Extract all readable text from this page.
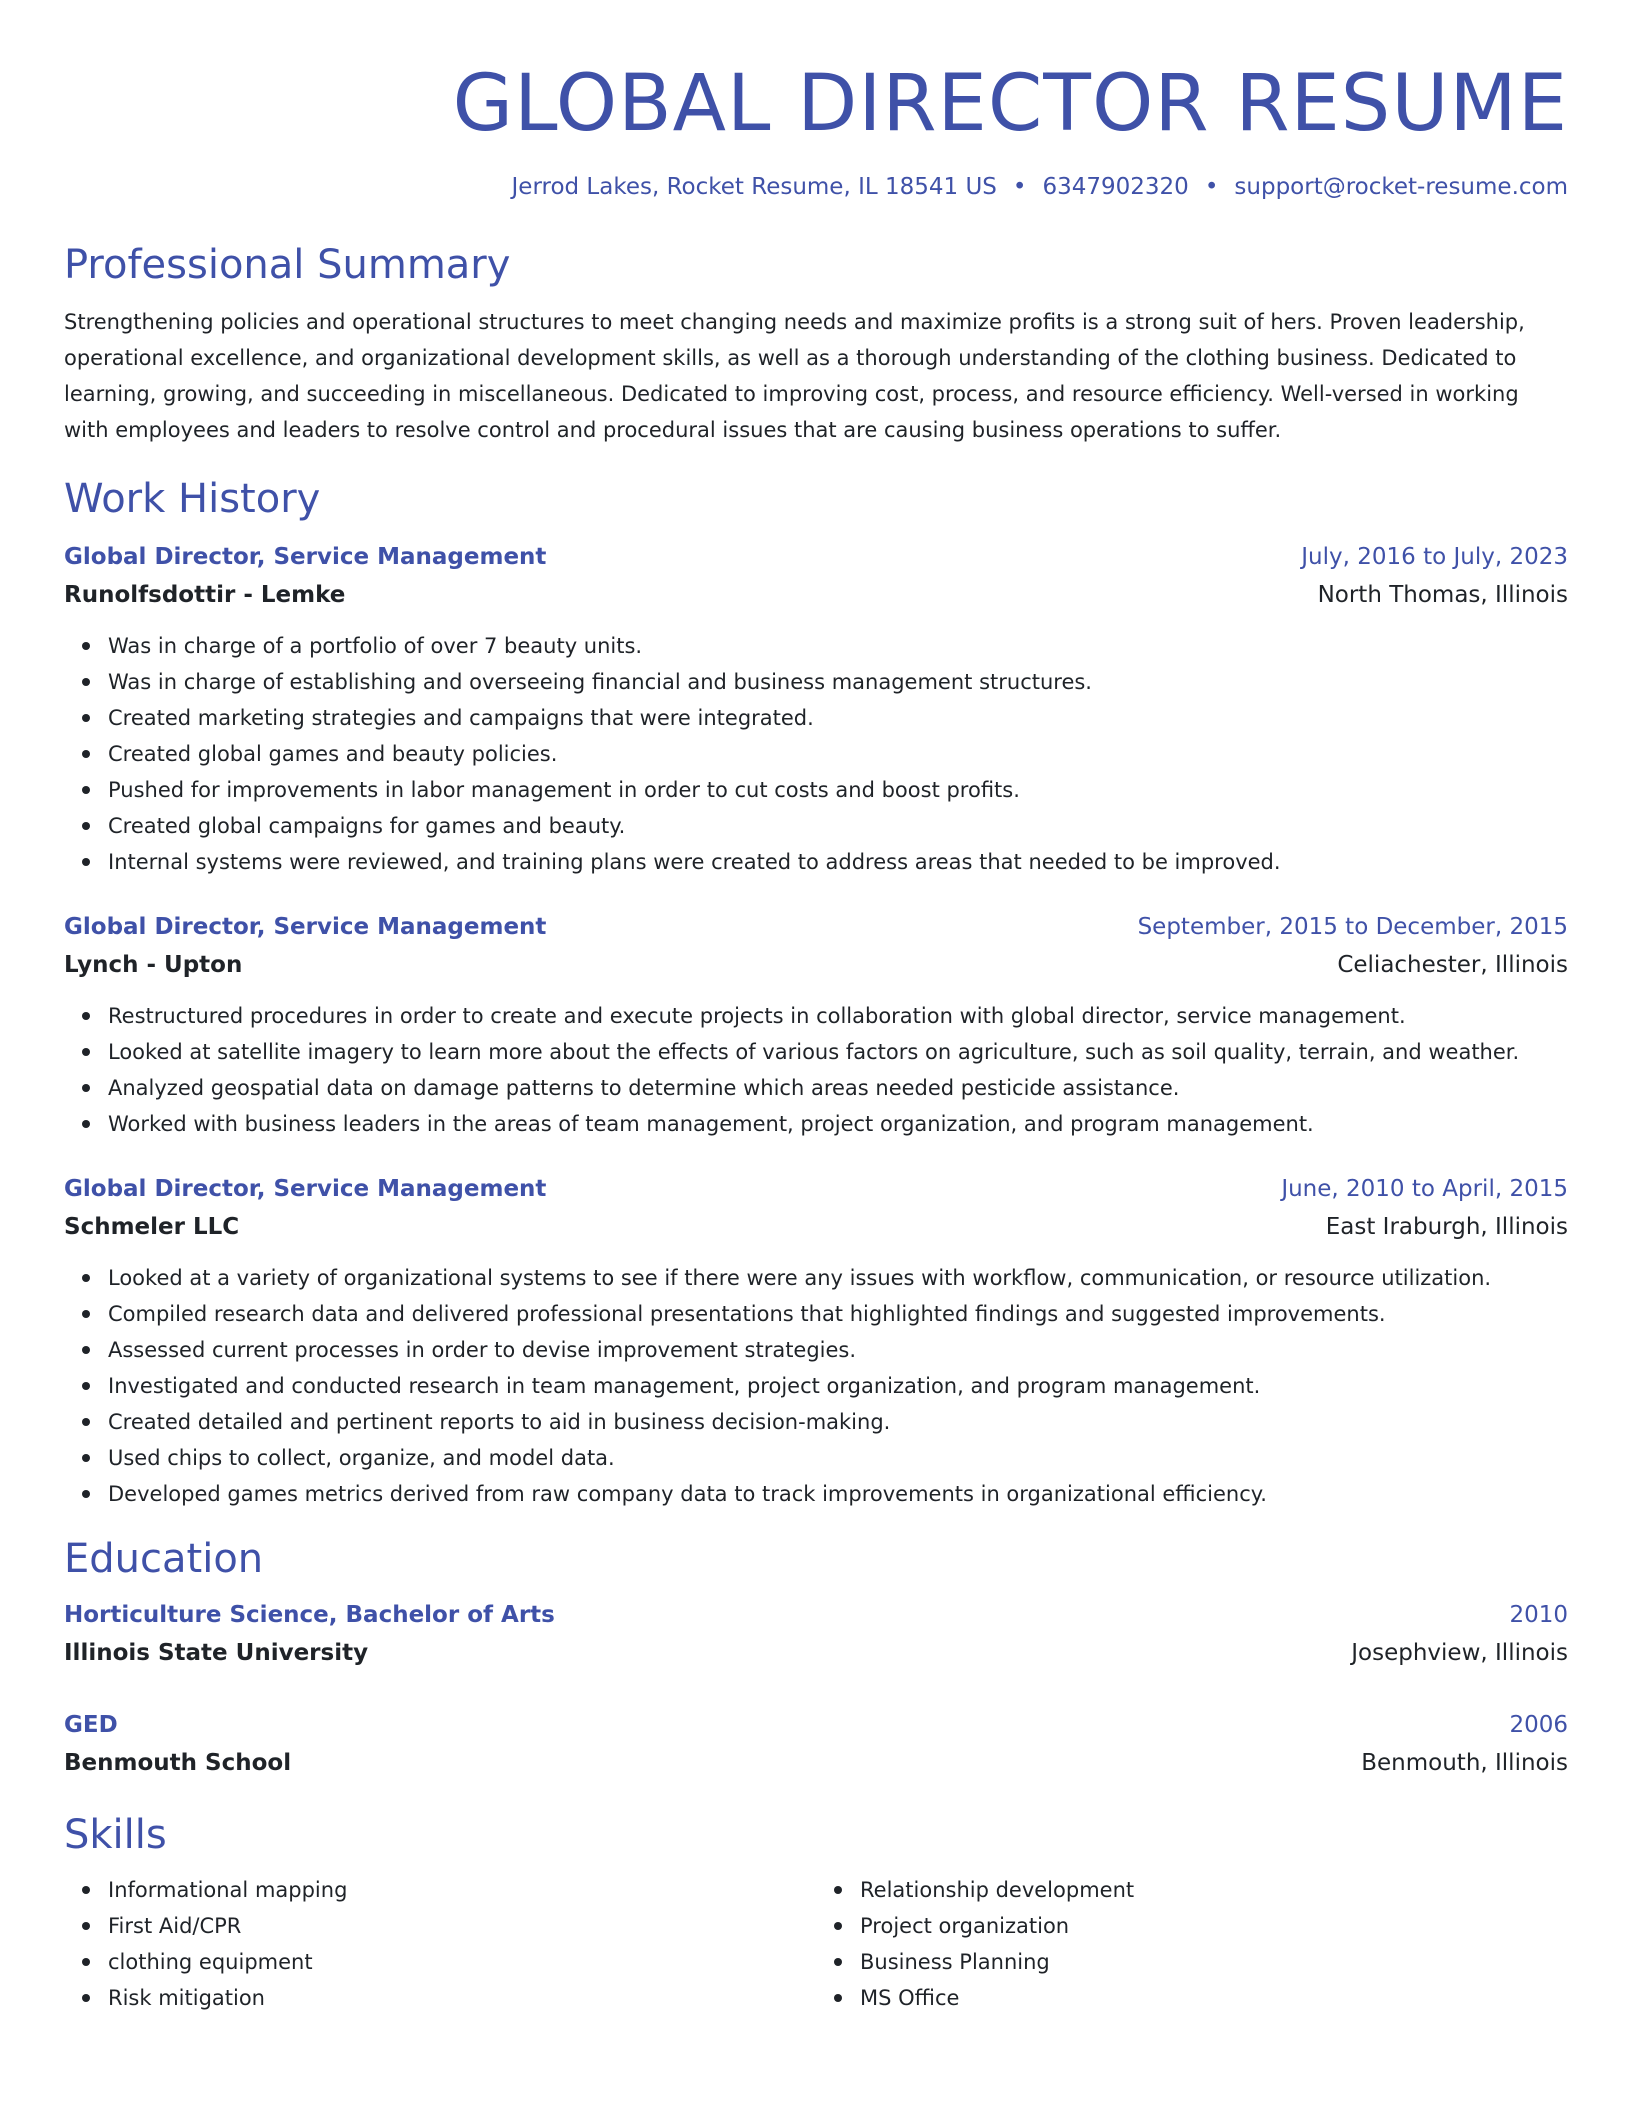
GLOBAL DIRECTOR RESUME
Jerrod Lakes, Rocket Resume, IL 18541 US • 6347902320 • support@rocket-resume.com
Professional Summary
Strengthening policies and operational structures to meet changing needs and maximize profits is a strong suit of hers. Proven leadership, operational excellence, and organizational development skills, as well as a thorough understanding of the clothing business. Dedicated to learning, growing, and succeeding in miscellaneous. Dedicated to improving cost, process, and resource efficiency. Well-versed in working with employees and leaders to resolve control and procedural issues that are causing business operations to suffer.
Work History
Global Director, Service Management	July, 2016 to July, 2023
Runolfsdottir - Lemke	North Thomas, Illinois
Was in charge of a portfolio of over 7 beauty units.
Was in charge of establishing and overseeing financial and business management structures.
Created marketing strategies and campaigns that were integrated.
Created global games and beauty policies.
Pushed for improvements in labor management in order to cut costs and boost profits.
Created global campaigns for games and beauty.
Internal systems were reviewed, and training plans were created to address areas that needed to be improved.
Global Director, Service Management	September, 2015 to December, 2015
Lynch - Upton	Celiachester, Illinois
Restructured procedures in order to create and execute projects in collaboration with global director, service management.
Looked at satellite imagery to learn more about the effects of various factors on agriculture, such as soil quality, terrain, and weather.
Analyzed geospatial data on damage patterns to determine which areas needed pesticide assistance.
Worked with business leaders in the areas of team management, project organization, and program management.
Global Director, Service Management	June, 2010 to April, 2015
Schmeler LLC	East Iraburgh, Illinois
Looked at a variety of organizational systems to see if there were any issues with workflow, communication, or resource utilization.
Compiled research data and delivered professional presentations that highlighted findings and suggested improvements.
Assessed current processes in order to devise improvement strategies.
Investigated and conducted research in team management, project organization, and program management.
Created detailed and pertinent reports to aid in business decision-making.
Used chips to collect, organize, and model data.
Developed games metrics derived from raw company data to track improvements in organizational efficiency.
Education
Horticulture Science, Bachelor of Arts	2010
Illinois State University	Josephview, Illinois
GED	2006
Benmouth School	Benmouth, Illinois
Skills
Informational mapping
First Aid/CPR
clothing equipment
Risk mitigation
Relationship development
Project organization
Business Planning
MS Office
